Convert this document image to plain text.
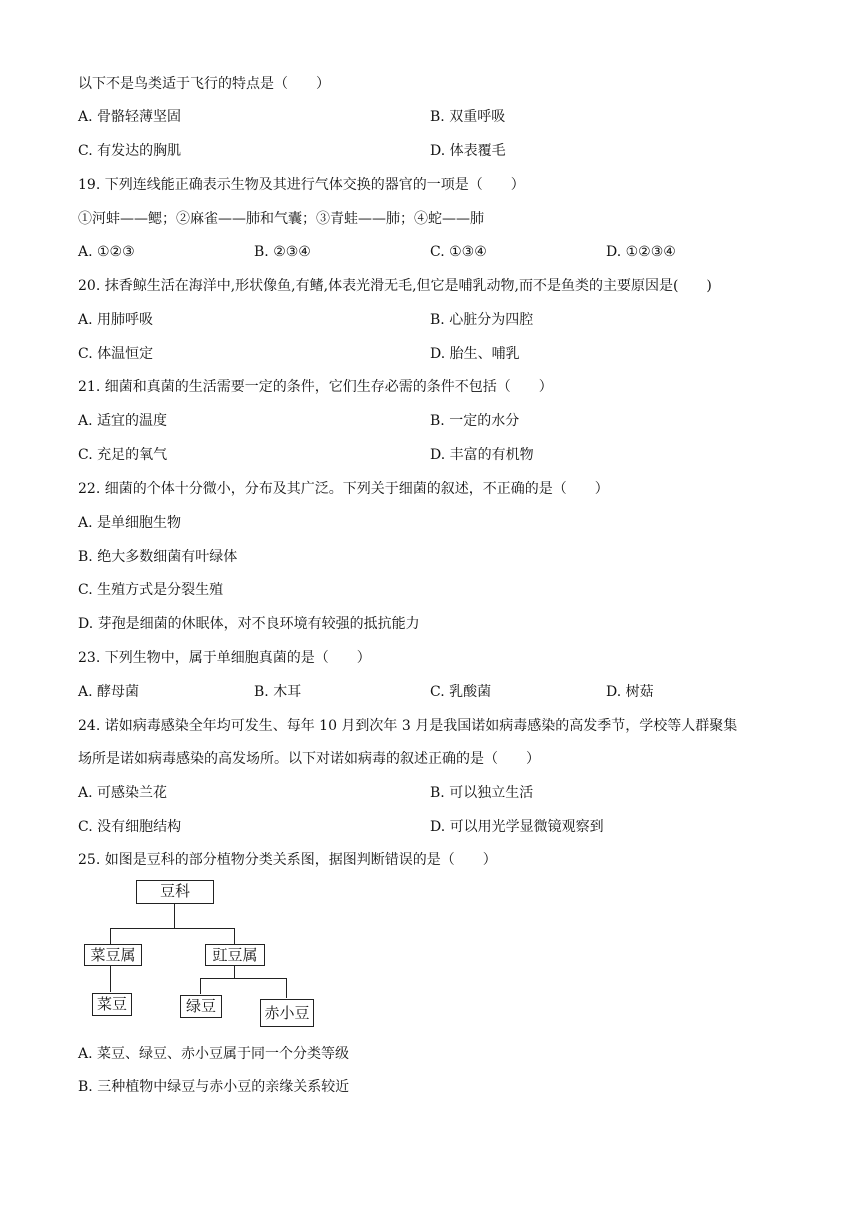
以下不是鸟类适于飞行的特点是（　　）
A. 骨骼轻薄坚固	B. 双重呼吸
C. 有发达的胸肌	D. 体表覆毛
19. 下列连线能正确表示生物及其进行气体交换的器官的一项是（　　）
①河蚌——鳃；②麻雀——肺和气囊；③青蛙——肺；④蛇——肺
A. ①②③	B. ②③④	C. ①③④	D. ①②③④
20. 抹香鲸生活在海洋中,形状像鱼,有鳍,体表光滑无毛,但它是哺乳动物,而不是鱼类的主要原因是(　　)
A. 用肺呼吸	B. 心脏分为四腔
C. 体温恒定	D. 胎生、哺乳
21. 细菌和真菌的生活需要一定的条件，它们生存必需的条件不包括（　　）
A. 适宜的温度	B. 一定的水分
C. 充足的氧气	D. 丰富的有机物
22. 细菌的个体十分微小，分布及其广泛。下列关于细菌的叙述，不正确的是（　　）
A. 是单细胞生物
B. 绝大多数细菌有叶绿体
C. 生殖方式是分裂生殖
D. 芽孢是细菌的休眠体，对不良环境有较强的抵抗能力
23. 下列生物中，属于单细胞真菌的是（　　）
A. 酵母菌	B. 木耳	C. 乳酸菌	D. 树菇
24. 诺如病毒感染全年均可发生、每年 10 月到次年 3 月是我国诺如病毒感染的高发季节，学校等人群聚集
场所是诺如病毒感染的高发场所。以下对诺如病毒的叙述正确的是（　　）
A. 可感染兰花	B. 可以独立生活
C. 没有细胞结构	D. 可以用光学显微镜观察到
25. 如图是豆科的部分植物分类关系图，据图判断错误的是（　　）
豆科
菜豆属	豇豆属
菜豆	绿豆	赤小豆
A. 菜豆、绿豆、赤小豆属于同一个分类等级
B. 三种植物中绿豆与赤小豆的亲缘关系较近
